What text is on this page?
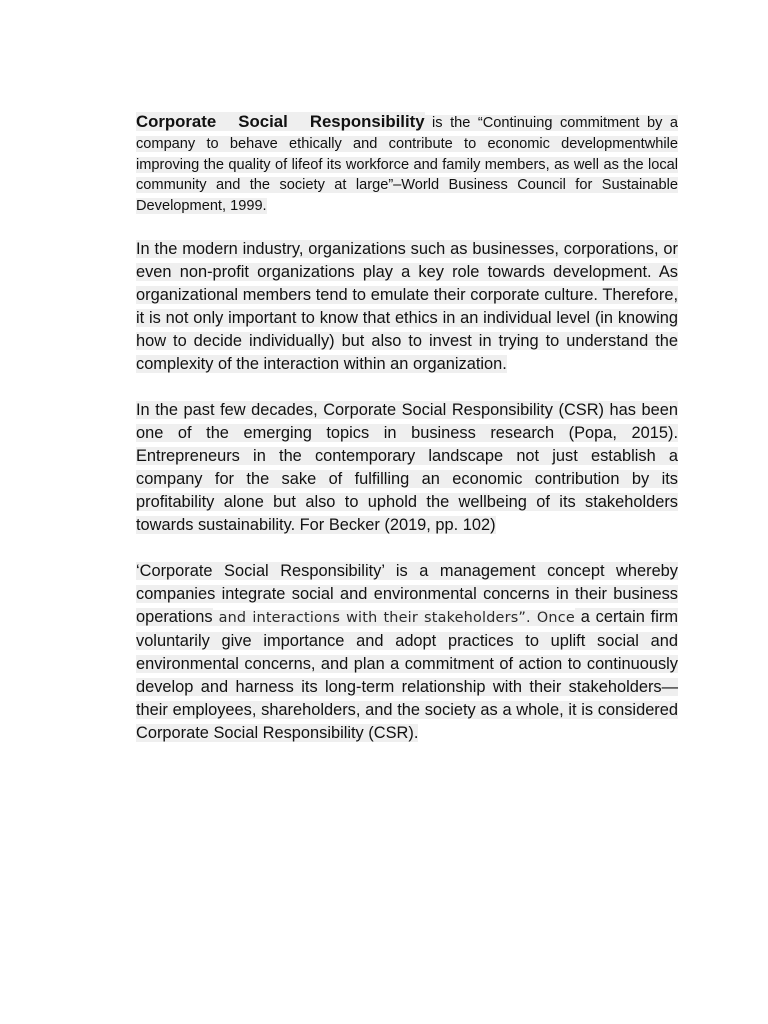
Corporate Social Responsibility is the “Continuing commitment by a company to behave ethically and contribute to economic developmentwhile improving the quality of lifeof its workforce and family members, as well as the local community and the society at large”–World Business Council for Sustainable Development, 1999.

In the modern industry, organizations such as businesses, corporations, or even non-profit organizations play a key role towards development. As organizational members tend to emulate their corporate culture. Therefore, it is not only important to know that ethics in an individual level (in knowing how to decide individually) but also to invest in trying to understand the complexity of the interaction within an organization.

In the past few decades, Corporate Social Responsibility (CSR) has been one of the emerging topics in business research (Popa, 2015). Entrepreneurs in the contemporary landscape not just establish a company for the sake of fulfilling an economic contribution by its profitability alone but also to uphold the wellbeing of its stakeholders towards sustainability. For Becker (2019, pp. 102)

‘Corporate Social Responsibility’ is a management concept whereby companies integrate social and environmental concerns in their business operations and interactions with their stakeholders”. Once a certain firm voluntarily give importance and adopt practices to uplift social and environmental concerns, and plan a commitment of action to continuously develop and harness its long-term relationship with their stakeholders—their employees, shareholders, and the society as a whole, it is considered Corporate Social Responsibility (CSR).
